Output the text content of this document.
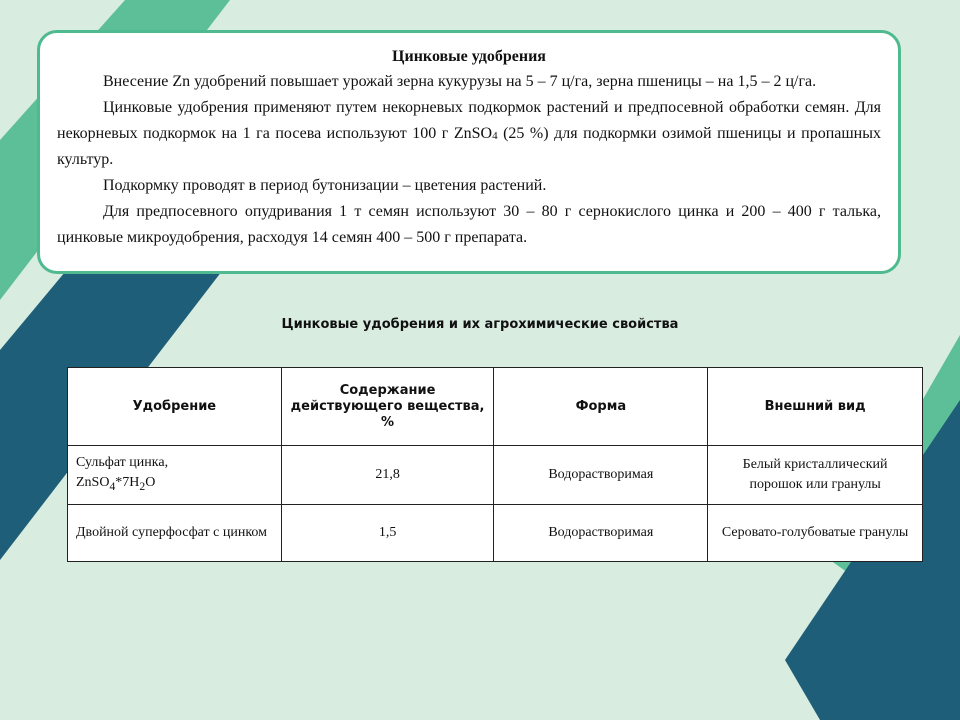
Цинковые удобрения

Внесение Zn удобрений повышает урожай зерна кукурузы на 5 – 7 ц/га, зерна пшеницы – на 1,5 – 2 ц/га.

Цинковые удобрения применяют путем некорневых подкормок растений и предпосевной обработки семян. Для некорневых подкормок на 1 га посева используют 100 г ZnSO$_4$ (25 %) для подкормки озимой пшеницы и пропашных культур.

Подкормку проводят в период бутонизации – цветения растений.

Для предпосевного опудривания 1 т семян используют 30 – 80 г сернокислого цинка и 200 – 400 г талька, цинковые микроудобрения, расходуя 14 семян 400 – 500 г препарата.

Цинковые удобрения и их агрохимические свойства
Удобрение	Содержание действующего вещества, %	Форма	Внешний вид
Сульфат цинка,
$ZnSO_4*7H_2O$	21,8	Водорастворимая	Белый кристаллический порошок или гранулы
Двойной суперфосфат с цинком	1,5	Водорастворимая	Серовато-голубоватые гранулы
